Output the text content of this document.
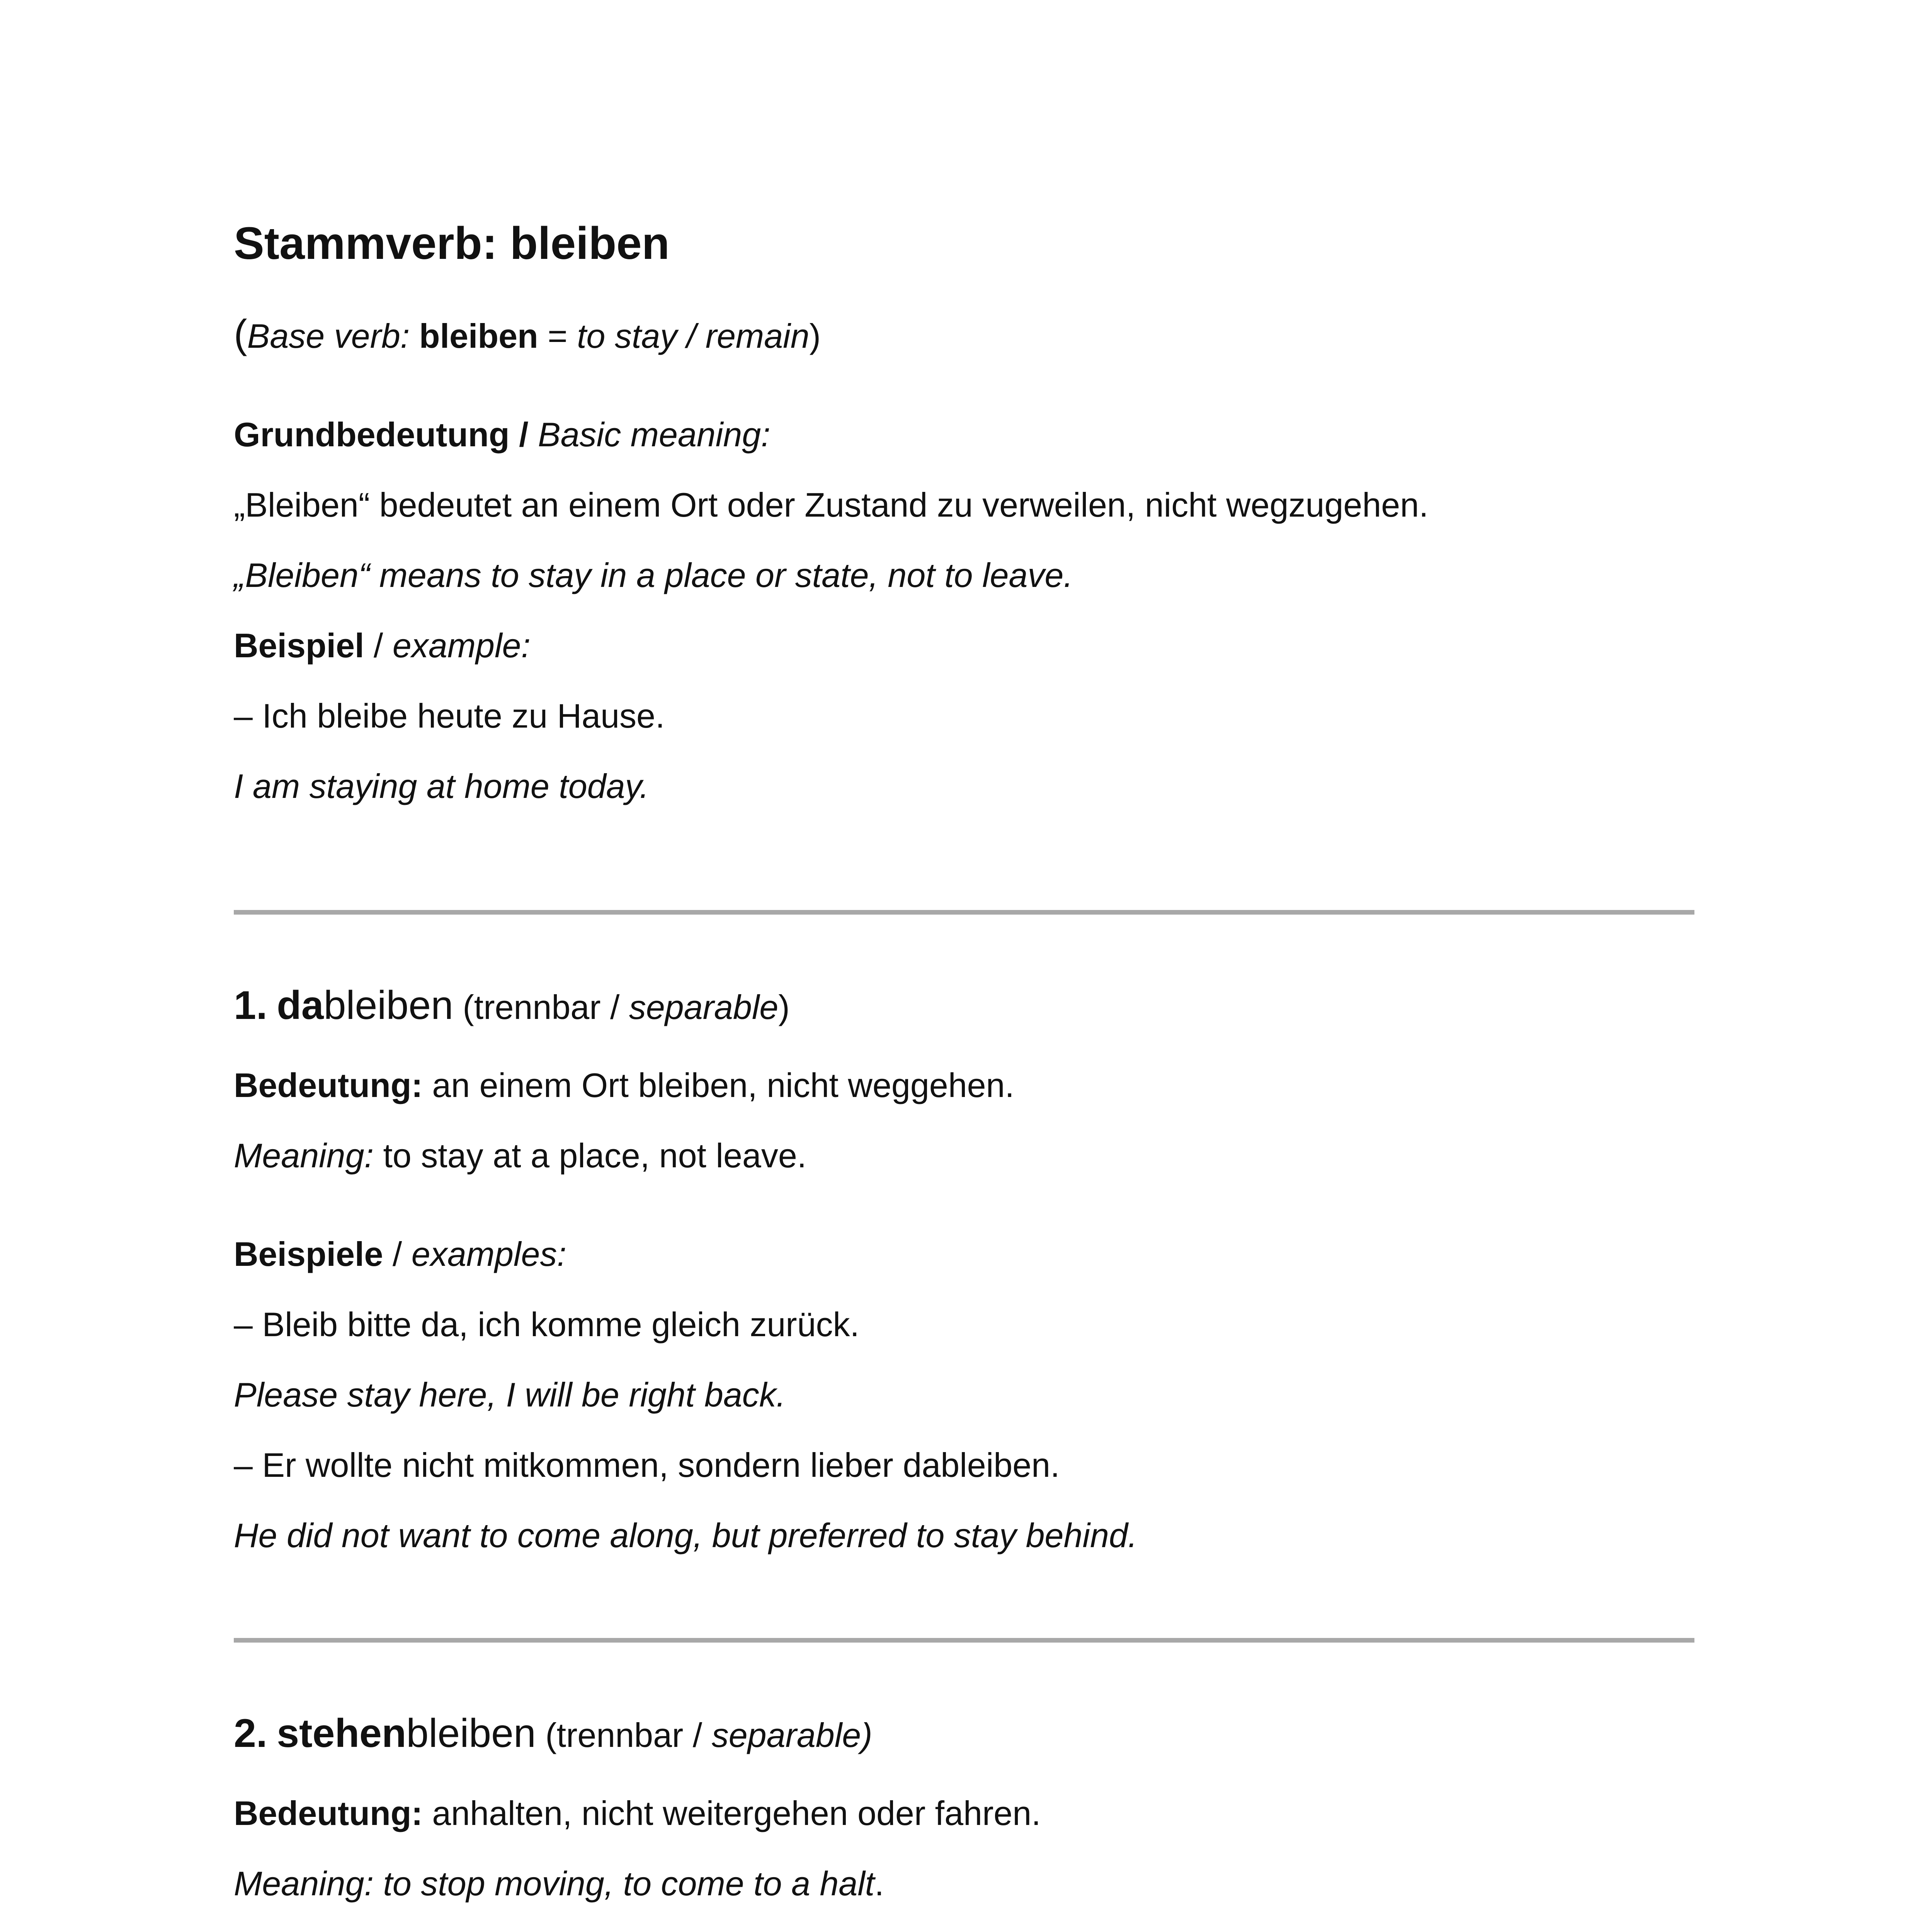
Stammverb: bleiben

(Base verb: bleiben = to stay / remain)

Grundbedeutung / Basic meaning:

„Bleiben“ bedeutet an einem Ort oder Zustand zu verweilen, nicht wegzugehen.

„Bleiben“ means to stay in a place or state, not to leave.

Beispiel / example:

– Ich bleibe heute zu Hause.

I am staying at home today.

1. dableiben (trennbar / separable)

Bedeutung: an einem Ort bleiben, nicht weggehen.

Meaning: to stay at a place, not leave.

Beispiele / examples:

– Bleib bitte da, ich komme gleich zurück.

Please stay here, I will be right back.

– Er wollte nicht mitkommen, sondern lieber dableiben.

He did not want to come along, but preferred to stay behind.

2. stehenbleiben (trennbar / separable)

Bedeutung: anhalten, nicht weitergehen oder fahren.

Meaning: to stop moving, to come to a halt.
